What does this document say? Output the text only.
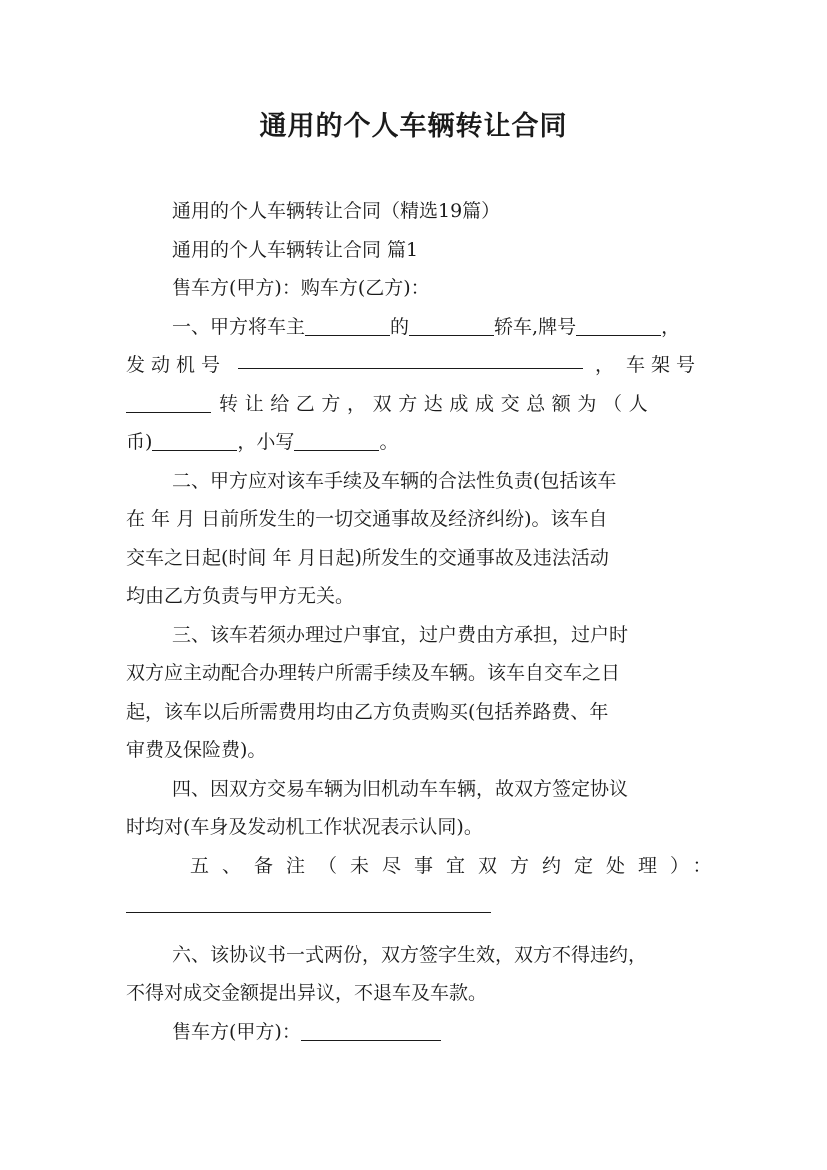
通用的个人车辆转让合同
通用的个人车辆转让合同（精选19篇）
通用的个人车辆转让合同 篇1
售车方(甲方)：购车方(乙方)：
一、甲方将车主	的	轿车,牌号	，
发动机号	， 车架号
转让给乙方，双方达成成交总额为（人
币)	，小写	。
二、甲方应对该车手续及车辆的合法性负责(包括该车
在 年 月 日前所发生的一切交通事故及经济纠纷)。该车自
交车之日起(时间 年 月日起)所发生的交通事故及违法活动
均由乙方负责与甲方无关。
三、该车若须办理过户事宜，过户费由方承担，过户时
双方应主动配合办理转户所需手续及车辆。该车自交车之日
起，该车以后所需费用均由乙方负责购买(包括养路费、年
审费及保险费)。
四、因双方交易车辆为旧机动车车辆，故双方签定协议
时均对(车身及发动机工作状况表示认同)。
五、备注（未尽事宜双方约定处理）：
六、该协议书一式两份，双方签字生效，双方不得违约，
不得对成交金额提出异议，不退车及车款。
售车方(甲方)：
